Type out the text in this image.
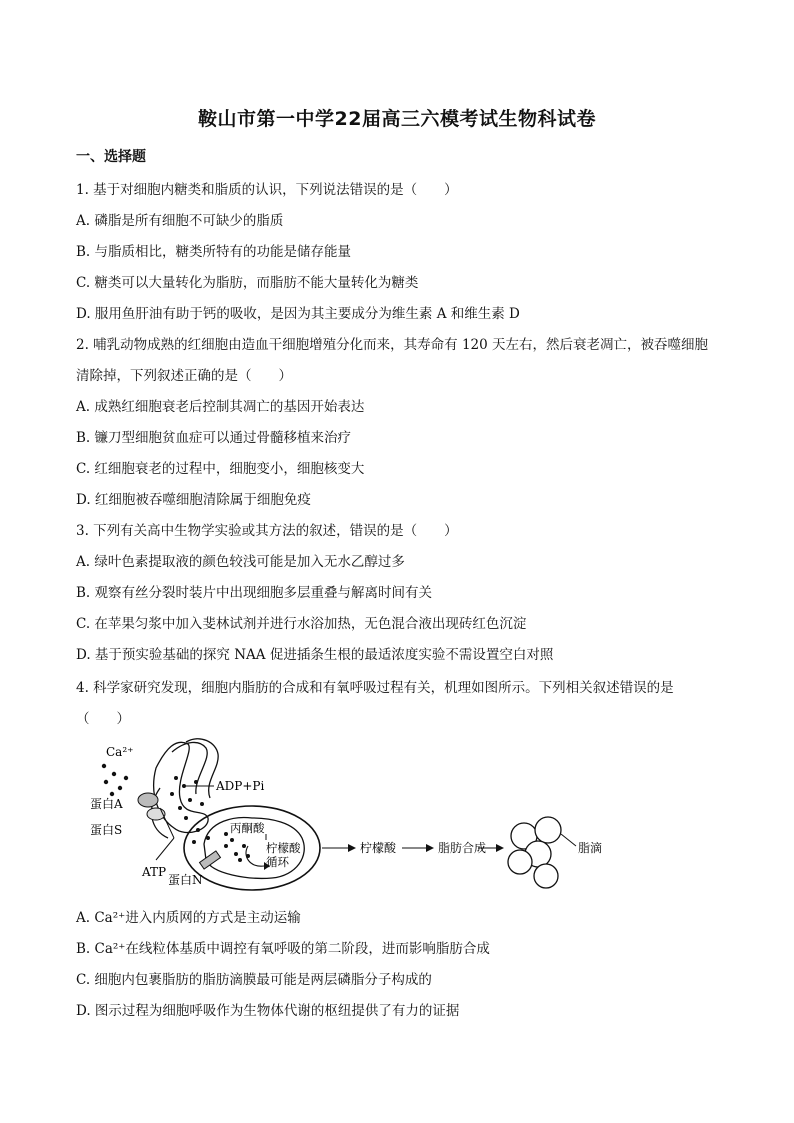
鞍山市第一中学22届高三六模考试生物科试卷
一、选择题
1. 基于对细胞内糖类和脂质的认识，下列说法错误的是（　　）
A. 磷脂是所有细胞不可缺少的脂质
B. 与脂质相比，糖类所特有的功能是储存能量
C. 糖类可以大量转化为脂肪，而脂肪不能大量转化为糖类
D. 服用鱼肝油有助于钙的吸收，是因为其主要成分为维生素 A 和维生素 D
2. 哺乳动物成熟的红细胞由造血干细胞增殖分化而来，其寿命有 120 天左右，然后衰老凋亡，被吞噬细胞
清除掉，下列叙述正确的是（　　）
A. 成熟红细胞衰老后控制其凋亡的基因开始表达
B. 镰刀型细胞贫血症可以通过骨髓移植来治疗
C. 红细胞衰老的过程中，细胞变小，细胞核变大
D. 红细胞被吞噬细胞清除属于细胞免疫
3. 下列有关高中生物学实验或其方法的叙述，错误的是（　　）
A. 绿叶色素提取液的颜色较浅可能是加入无水乙醇过多
B. 观察有丝分裂时装片中出现细胞多层重叠与解离时间有关
C. 在苹果匀浆中加入斐林试剂并进行水浴加热，无色混合液出现砖红色沉淀
D. 基于预实验基础的探究 NAA 促进插条生根的最适浓度实验不需设置空白对照
4. 科学家研究发现，细胞内脂肪的合成和有氧呼吸过程有关，机理如图所示。下列相关叙述错误的是
（　　）
Ca²⁺
ADP+Pi
蛋白A
蛋白S
ATP
蛋白N
丙酮酸
柠檬酸
循环
柠檬酸	脂肪合成	脂滴
A. Ca²⁺进入内质网的方式是主动运输
B. Ca²⁺在线粒体基质中调控有氧呼吸的第二阶段，进而影响脂肪合成
C. 细胞内包裹脂肪的脂肪滴膜最可能是两层磷脂分子构成的
D. 图示过程为细胞呼吸作为生物体代谢的枢纽提供了有力的证据
